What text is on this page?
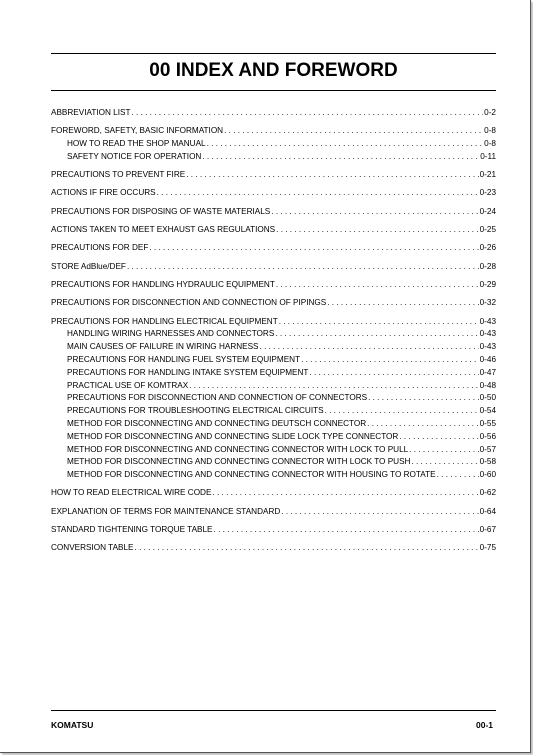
00 INDEX AND FOREWORD
ABBREVIATION LIST . . .	0-2
FOREWORD, SAFETY, BASIC INFORMATION . . .	0-8
HOW TO READ THE SHOP MANUAL . . .	0-8
SAFETY NOTICE FOR OPERATION . . .	0-11
PRECAUTIONS TO PREVENT FIRE . . .	0-21
ACTIONS IF FIRE OCCURS . . .	0-23
PRECAUTIONS FOR DISPOSING OF WASTE MATERIALS . . .	0-24
ACTIONS TAKEN TO MEET EXHAUST GAS REGULATIONS . . .	0-25
PRECAUTIONS FOR DEF . . .	0-26
STORE AdBlue/DEF . . .	0-28
PRECAUTIONS FOR HANDLING HYDRAULIC EQUIPMENT . . .	0-29
PRECAUTIONS FOR DISCONNECTION AND CONNECTION OF PIPINGS . . .	0-32
PRECAUTIONS FOR HANDLING ELECTRICAL EQUIPMENT . . .	0-43
HANDLING WIRING HARNESSES AND CONNECTORS . . .	0-43
MAIN CAUSES OF FAILURE IN WIRING HARNESS . . .	0-43
PRECAUTIONS FOR HANDLING FUEL SYSTEM EQUIPMENT . . .	0-46
PRECAUTIONS FOR HANDLING INTAKE SYSTEM EQUIPMENT . . .	0-47
PRACTICAL USE OF KOMTRAX . . .	0-48
PRECAUTIONS FOR DISCONNECTION AND CONNECTION OF CONNECTORS . . .	0-50
PRECAUTIONS FOR TROUBLESHOOTING ELECTRICAL CIRCUITS . . .	0-54
METHOD FOR DISCONNECTING AND CONNECTING DEUTSCH CONNECTOR . . .	0-55
METHOD FOR DISCONNECTING AND CONNECTING SLIDE LOCK TYPE CONNECTOR . . .	0-56
METHOD FOR DISCONNECTING AND CONNECTING CONNECTOR WITH LOCK TO PULL . . .	0-57
METHOD FOR DISCONNECTING AND CONNECTING CONNECTOR WITH LOCK TO PUSH . . .	0-58
METHOD FOR DISCONNECTING AND CONNECTING CONNECTOR WITH HOUSING TO ROTATE . . .	0-60
HOW TO READ ELECTRICAL WIRE CODE . . .	0-62
EXPLANATION OF TERMS FOR MAINTENANCE STANDARD . . .	0-64
STANDARD TIGHTENING TORQUE TABLE . . .	0-67
CONVERSION TABLE . . .	0-75
KOMATSU	00-1
